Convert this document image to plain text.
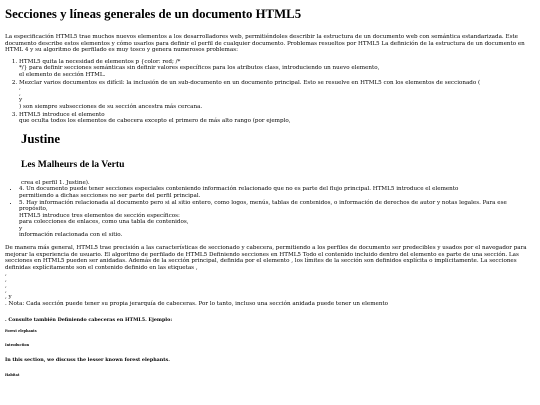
Secciones y líneas generales de un documento HTML5

La especificación HTML5 trae muchos nuevos elementos a los desarrolladores web, permitiéndoles describir la estructura de un documento web con semántica estandarizada. Este documento describe estos elementos y cómo usarlos para definir el perfil de cualquier documento. Problemas resueltos por HTML5 La definición de la estructura de un documento en HTML 4 y su algoritmo de perfilado es muy tosco y genera numerosos problemas:

1. HTML5 quita la necesidad de elementos p {color: red; /*
*/} para definir secciones semánticas sin definir valores específicos para los atributos class, introduciendo un nuevo elemento,
el elemento de sección HTML.
2. Mezclar varios documentos es difícil: la inclusión de un sub-documento en un documento principal. Esto se resuelve en HTML5 con los elementos de seccionado (
,
,
y
) son siempre subsecciones de su sección ancestra más cercana.
3. HTML5 introduce el elemento
que oculta todos los elementos de cabecera excepto el primero de más alto rango (por ejemplo,
Justine
Les Malheurs de la Vertu
crea el perfil 1. Justine).
• 4. Un documento puede tener secciones especiales conteniendo información relacionado que no es parte del flujo principal. HTML5 introduce el elemento
permitiendo a dichas secciones no ser parte del perfil principal.
• 5. Hay información relacionada al documento pero si al sitio entero, como logos, menús, tablas de contenidos, o información de derechos de autor y notas legales. Para ese propósito,
HTML5 introduce tres elementos de sección específicos:
para colecciones de enlaces, como una tabla de contenidos,
y
información relacionada con el sitio.

De manera más general, HTML5 trae precisión a las características de seccionado y cabecera, permitiendo a los perfiles de documento ser predecibles y usados por el navegador para mejorar la experiencia de usuario. El algoritmo de perfilado de HTML5 Definiendo secciones en HTML5 Todo el contenido incluido dentro del elemento es parte de una sección. Las secciones en HTML5 pueden ser anidadas. Además de la sección principal, definida por el elemento , los límites de la sección son definidos explícita o implícitamente. La secciones definidas explícitamente son el contenido definido en las etiquetas ,

,
,
,
,
, y
. Nota: Cada sección puede tener su propia jerarquía de cabeceras. Por lo tanto, incluso una sección anidada puede tener un elemento
. Consulte también Definiendo cabeceras en HTML5. Ejemplo:
Forest elephants
Introduction
In this section, we discuss the lesser known forest elephants.
Habitat
